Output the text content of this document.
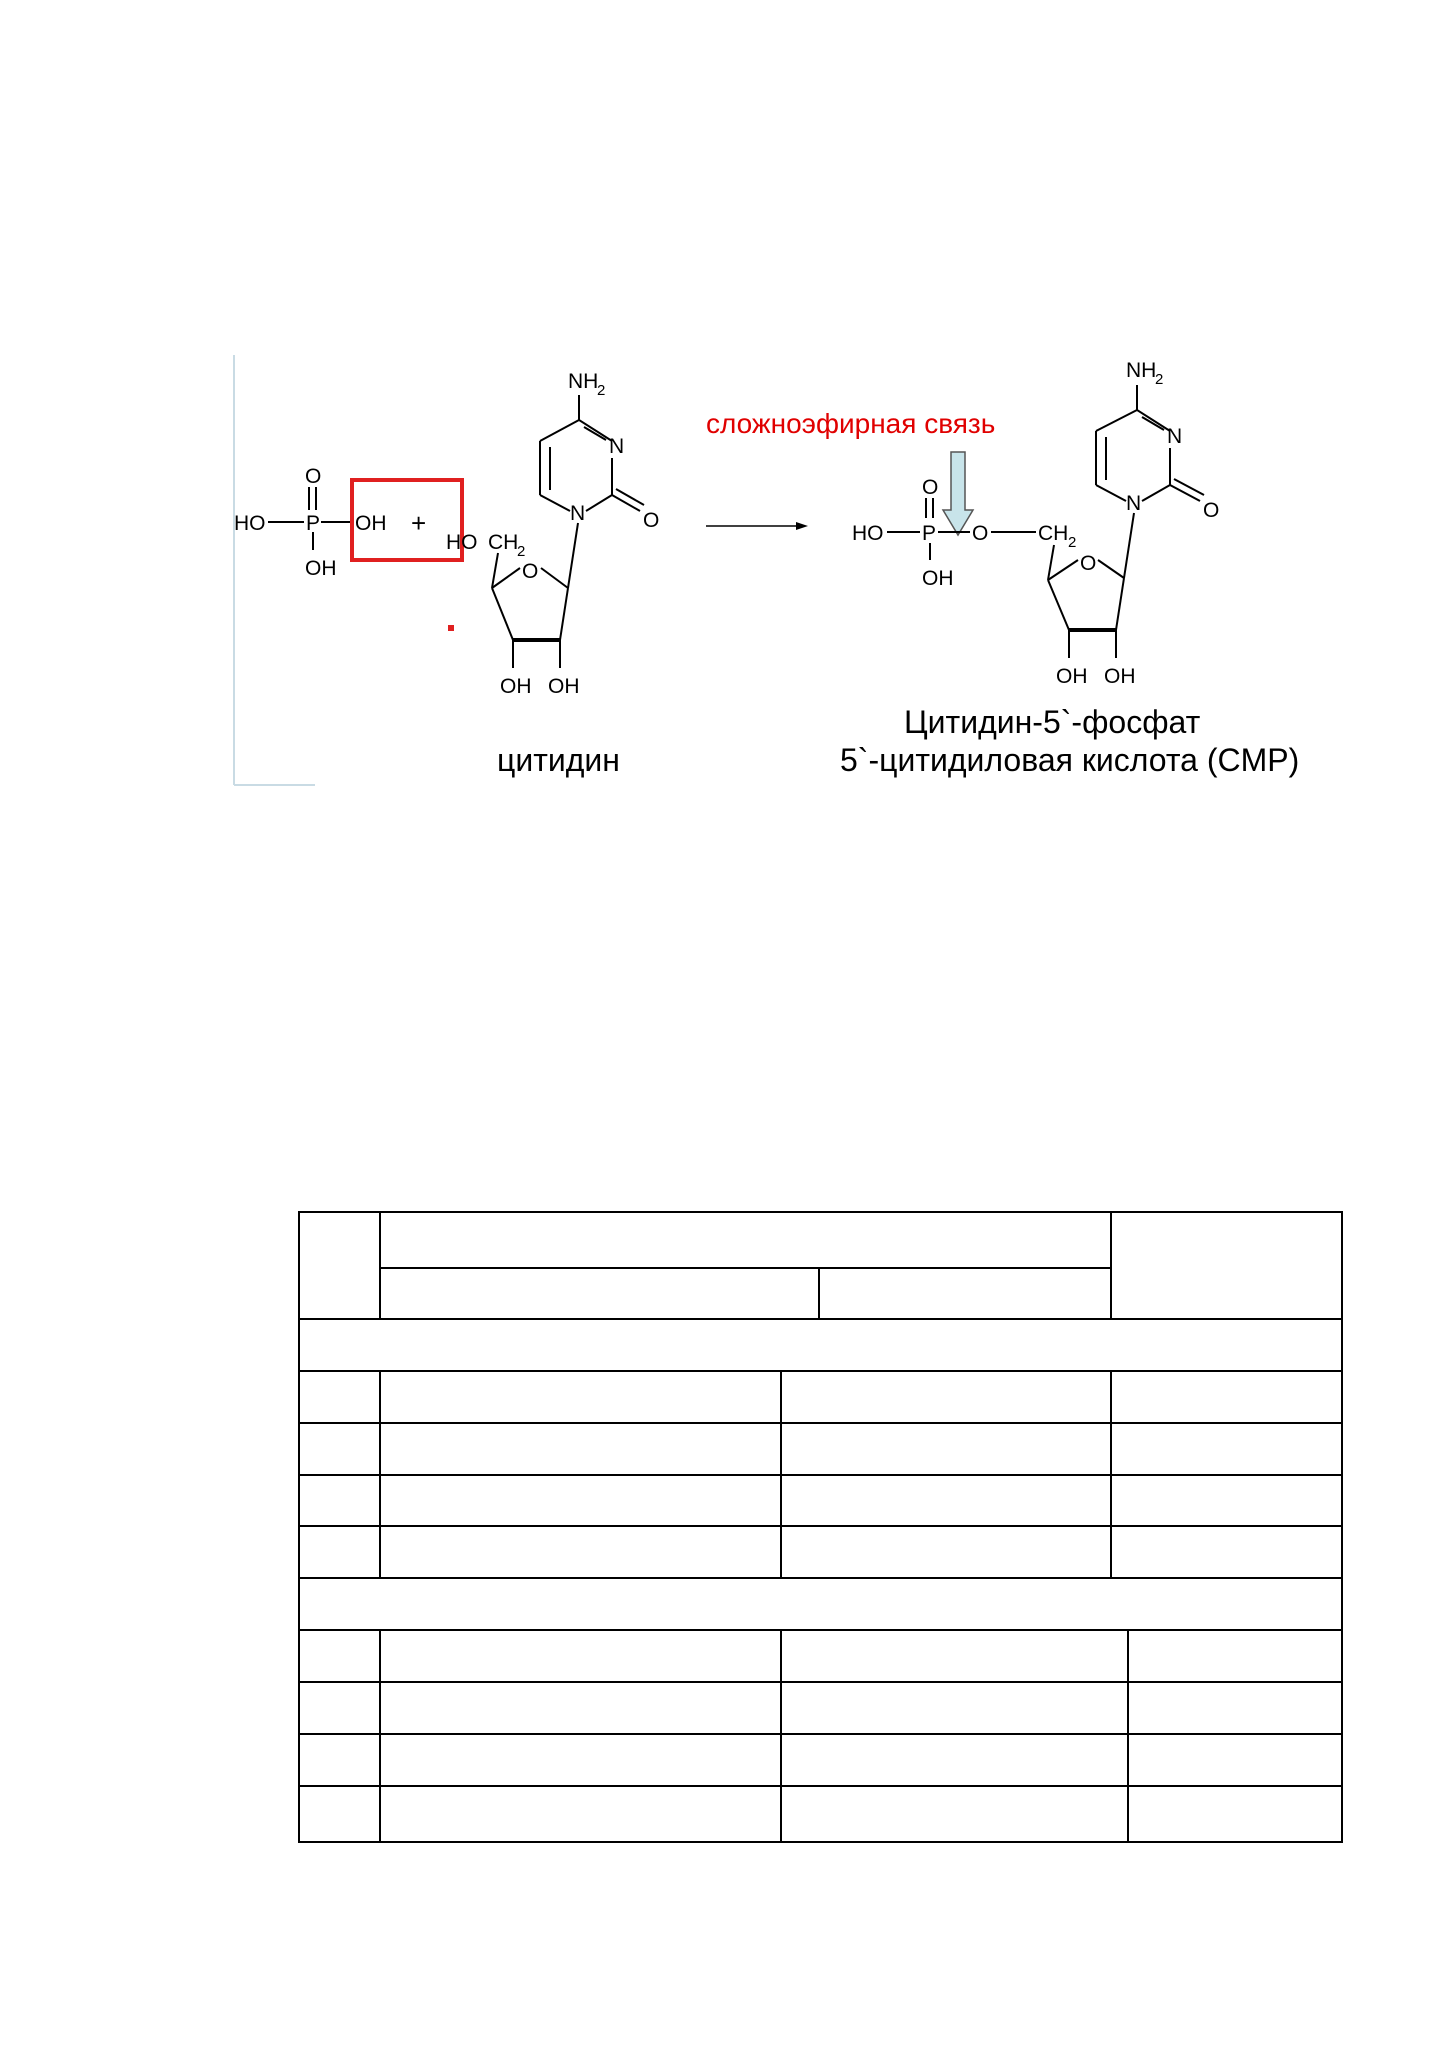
HO P OH
O
OH
+
NH
2
N
N	O
HO CH
2
O
OH OH
цитидин
сложноэфирная связь
HO P
O
O
OH
CH 2
NH
2
N
N	O
O
OH OH
Цитидин-5`-фосфат
5`-цитидиловая кислота (CMP)
